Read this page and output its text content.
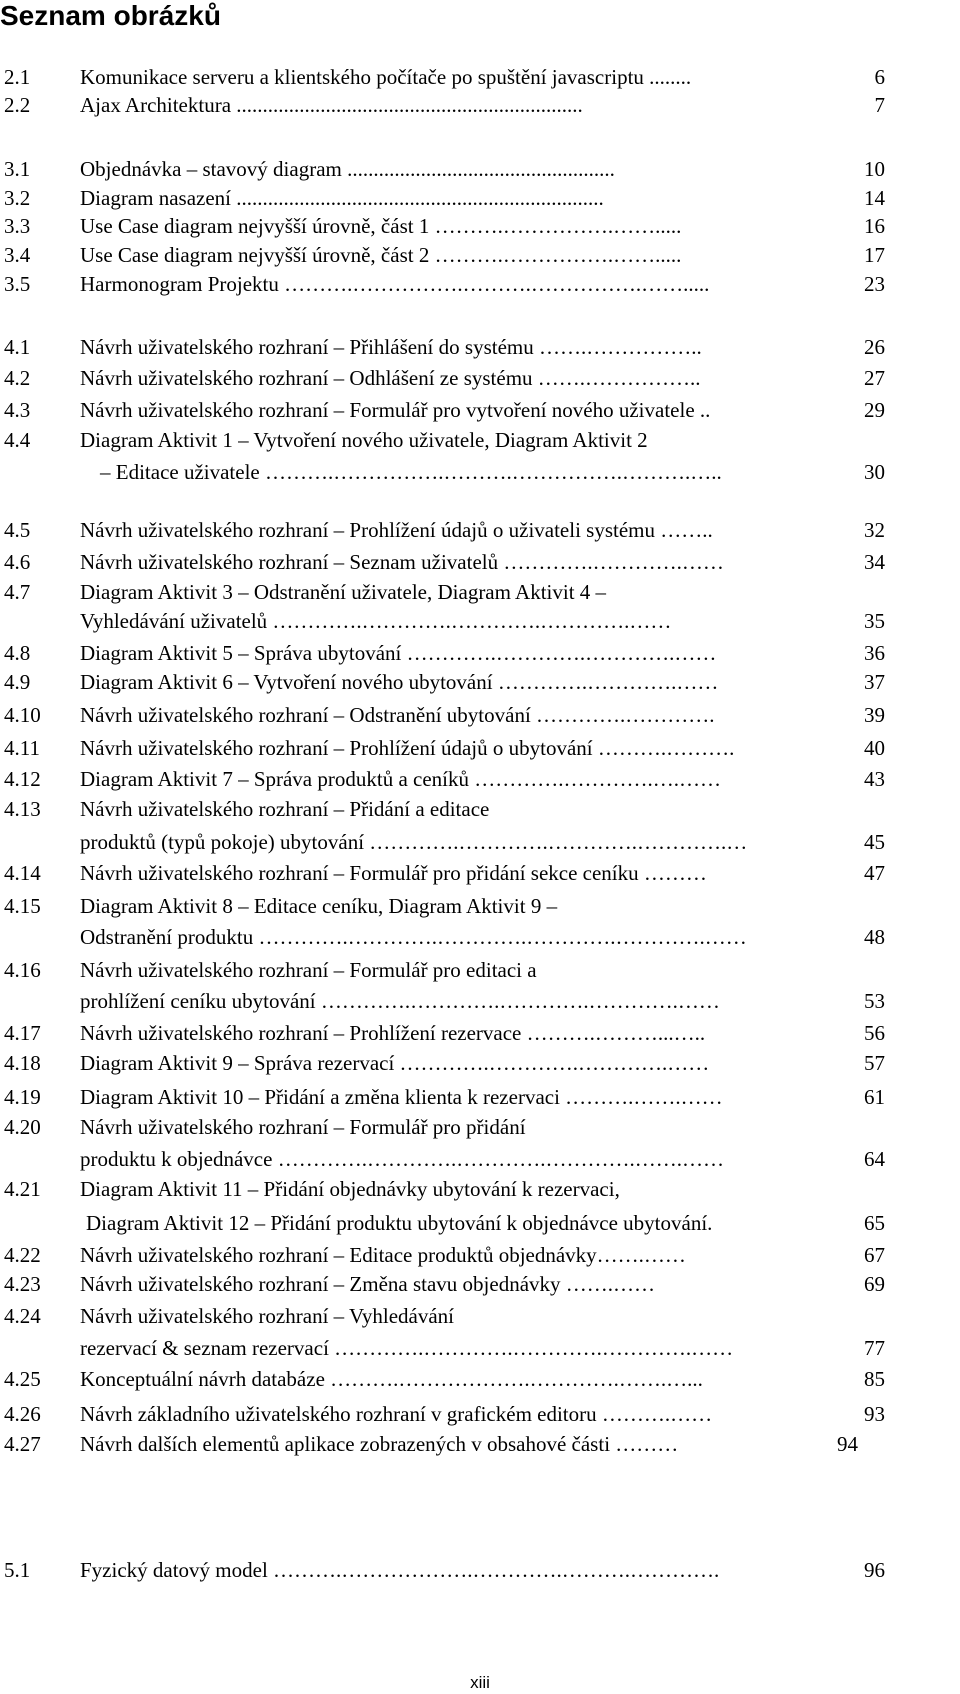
Seznam obrázků
2.1 Komunikace serveru a klientského počítače po spuštění javascriptu ........	6
2.2 Ajax Architektura ..................................................................	7
3.1 Objednávka – stavový diagram ...................................................	10
3.2 Diagram nasazení ......................................................................	14
3.3 Use Case diagram nejvyšší úrovně, část 1 ……….…………….…….....	16
3.4 Use Case diagram nejvyšší úrovně, část 2 ……….…………….…….....	17
3.5 Harmonogram Projektu ……….…………….……….…………….…….....	23
4.1 Návrh uživatelského rozhraní – Přihlášení do systému …….……………..	26
4.2 Návrh uživatelského rozhraní – Odhlášení ze systému …….……………..	27
4.3 Návrh uživatelského rozhraní – Formulář pro vytvoření nového uživatele ..	29
4.4 Diagram Aktivit 1 – Vytvoření nového uživatele, Diagram Aktivit 2
– Editace uživatele ……….…………….……….…………….……….…..	30
4.5 Návrh uživatelského rozhraní – Prohlížení údajů o uživateli systému ……..	32
4.6 Návrh uživatelského rozhraní – Seznam uživatelů ………….………….……	34
4.7 Diagram Aktivit 3 – Odstranění uživatele, Diagram Aktivit 4 –
Vyhledávání uživatelů ………….………….………….………….……	35
4.8 Diagram Aktivit 5 – Správa ubytování ………….………….………….……	36
4.9 Diagram Aktivit 6 – Vytvoření nového ubytování ………….………….……	37
4.10 Návrh uživatelského rozhraní – Odstranění ubytování ………….………….	39
4.11 Návrh uživatelského rozhraní – Prohlížení údajů o ubytování ……….……….	40
4.12 Diagram Aktivit 7 – Správa produktů a ceníků ………….………….….……	43
4.13 Návrh uživatelského rozhraní – Přidání a editace
produktů (typů pokoje) ubytování ………….………….………….………….…	45
4.14 Návrh uživatelského rozhraní – Formulář pro přidání sekce ceníku ………	47
4.15 Diagram Aktivit 8 – Editace ceníku, Diagram Aktivit 9 –
Odstranění produktu ………….………….………….………….………….……	48
4.16 Návrh uživatelského rozhraní – Formulář pro editaci a
prohlížení ceníku ubytování ………….………….………….………….……	53
4.17 Návrh uživatelského rozhraní – Prohlížení rezervace ……….………...…..	56
4.18 Diagram Aktivit 9 – Správa rezervací ………….………….………….……	57
4.19 Diagram Aktivit 10 – Přidání a změna klienta k rezervaci ……….…….……	61
4.20 Návrh uživatelského rozhraní – Formulář pro přidání
produktu k objednávce ………….………….………….………….…….……	64
4.21 Diagram Aktivit 11 – Přidání objednávky ubytování k rezervaci,
Diagram Aktivit 12 – Přidání produktu ubytování k objednávce ubytování.	65
4.22 Návrh uživatelského rozhraní – Editace produktů objednávky…….……	67
4.23 Návrh uživatelského rozhraní – Změna stavu objednávky …….……	69
4.24 Návrh uživatelského rozhraní – Vyhledávání
rezervací & seznam rezervací ………….………….………….………….……	77
4.25 Konceptuální návrh databáze ……….……………….………….…….…...	85
4.26 Návrh základního uživatelského rozhraní v grafickém editoru ……….……	93
4.27 Návrh dalších elementů aplikace zobrazených v obsahové části ………	94
5.1 Fyzický datový model ……….……………….………….……….………….	96
xiii
